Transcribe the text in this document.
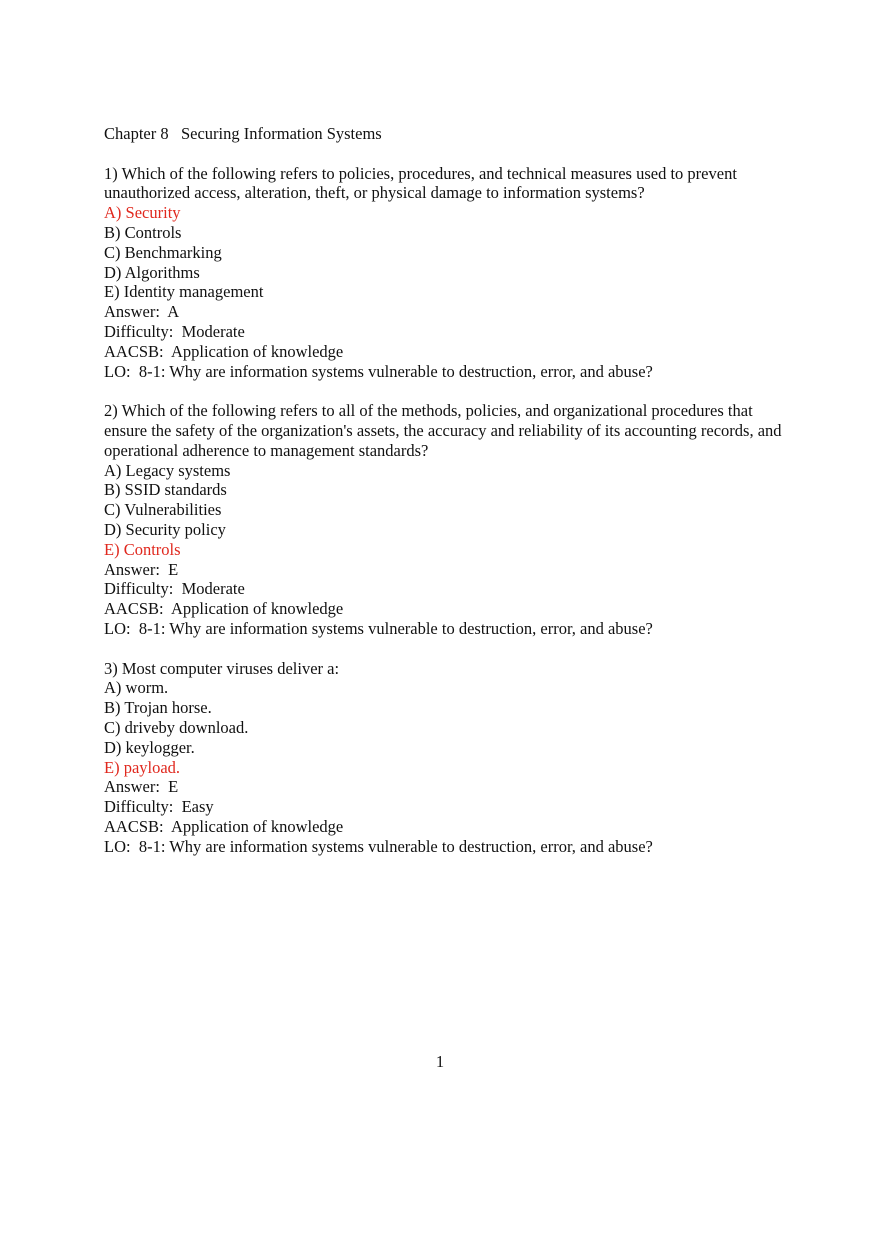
Chapter 8   Securing Information Systems
1) Which of the following refers to policies, procedures, and technical measures used to prevent unauthorized access, alteration, theft, or physical damage to information systems?
A) Security
B) Controls
C) Benchmarking
D) Algorithms
E) Identity management
Answer:  A
Difficulty:  Moderate
AACSB:  Application of knowledge
LO:  8-1: Why are information systems vulnerable to destruction, error, and abuse?
2) Which of the following refers to all of the methods, policies, and organizational procedures that ensure the safety of the organization's assets, the accuracy and reliability of its accounting records, and operational adherence to management standards?
A) Legacy systems
B) SSID standards
C) Vulnerabilities
D) Security policy
E) Controls
Answer:  E
Difficulty:  Moderate
AACSB:  Application of knowledge
LO:  8-1: Why are information systems vulnerable to destruction, error, and abuse?
3) Most computer viruses deliver a:
A) worm.
B) Trojan horse.
C) driveby download.
D) keylogger.
E) payload.
Answer:  E
Difficulty:  Easy
AACSB:  Application of knowledge
LO:  8-1: Why are information systems vulnerable to destruction, error, and abuse?
1
